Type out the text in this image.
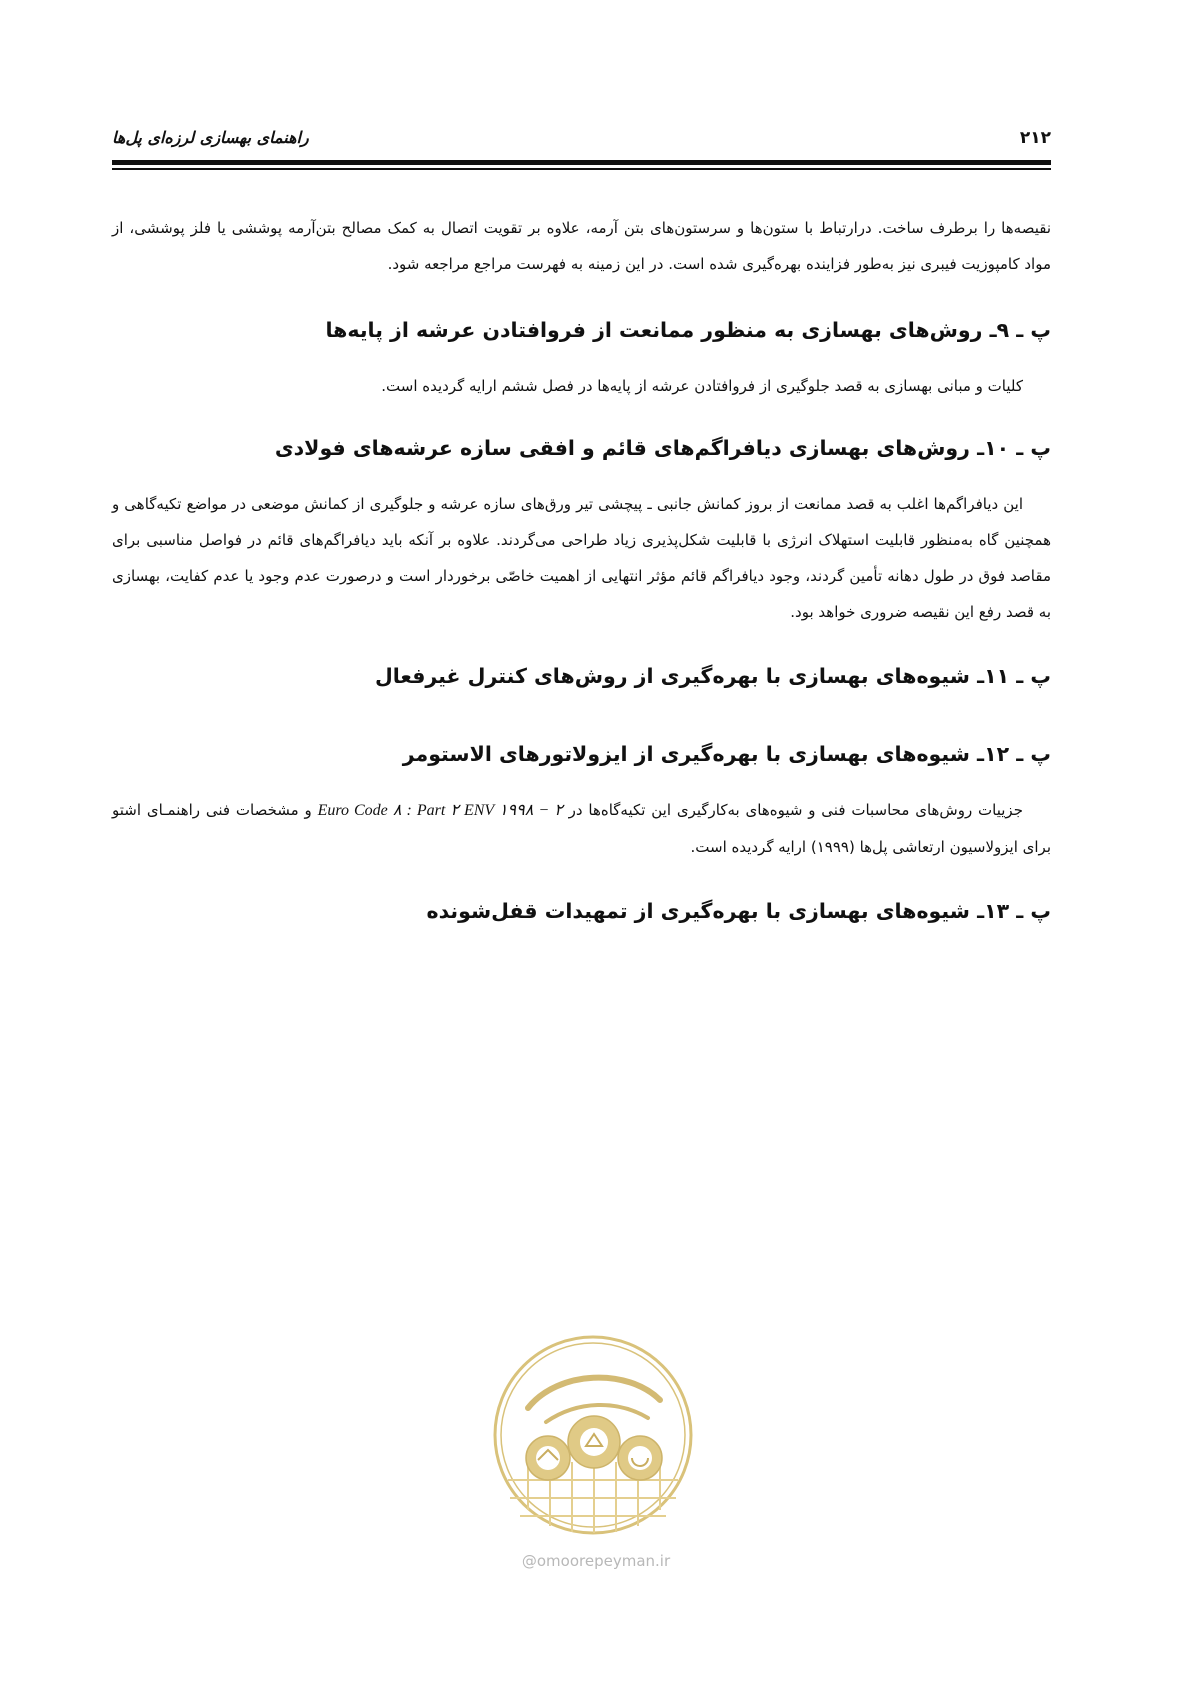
۲۱۲
راهنمای بهسازی لرزه‌ای پل‌ها

نقیصه‌ها را برطرف ساخت. درارتباط با ستون‌ها و سرستون‌های بتن آرمه، علاوه بر تقویت اتصال به کمک مصالح بتن‌آرمه پوششی یا فلز پوششی، از مواد کامپوزیت فیبری نیز به‌طور فزاینده بهره‌گیری شده است. در این زمینه به فهرست مراجع مراجعه شود.

پ ـ ۹ـ روش‌های بهسازی به منظور ممانعت از فروافتادن عرشه از پایه‌ها

کلیات و مبانی بهسازی به قصد جلوگیری از فروافتادن عرشه از پایه‌ها در فصل ششم ارایه گردیده است.

پ ـ ۱۰ـ روش‌های بهسازی دیافراگم‌های قائم و افقی سازه عرشه‌های فولادی

این دیافراگم‌ها اغلب به قصد ممانعت از بروز کمانش جانبی ـ پیچشی تیر ورق‌های سازه عرشه و جلوگیری از کمانش موضعی در مواضع تکیه‌گاهی و همچنین گاه به‌منظور قابلیت استهلاک انرژی با قابلیت شکل‌پذیری زیاد طراحی می‌گردند. علاوه بر آنکه باید دیافراگم‌های قائم در فواصل مناسبی برای مقاصد فوق در طول دهانه تأمین گردند، وجود دیافراگم قائم مؤثر انتهایی از اهمیت خاصّی برخوردار است و درصورت عدم وجود یا عدم کفایت، بهسازی به قصد رفع این نقیصه ضروری خواهد بود.

پ ـ ۱۱ـ شیوه‌های بهسازی با بهره‌گیری از روش‌های کنترل غیرفعال
پ ـ ۱۲ـ شیوه‌های بهسازی با بهره‌گیری از ایزولاتورهای الاستومر

جزییات روش‌های محاسبات فنی و شیوه‌های به‌کارگیری این تکیه‌گاه‌ها در Euro Code ۸ : Part ۲ ENV ۱۹۹۸ − ۲ و مشخصات فنی راهنمـای اشتو برای ایزولاسیون ارتعاشی پل‌ها (۱۹۹۹) ارایه گردیده است.

پ ـ ۱۳ـ شیوه‌های بهسازی با بهره‌گیری از تمهیدات قفل‌شونده
@omoorepeyman.ir
